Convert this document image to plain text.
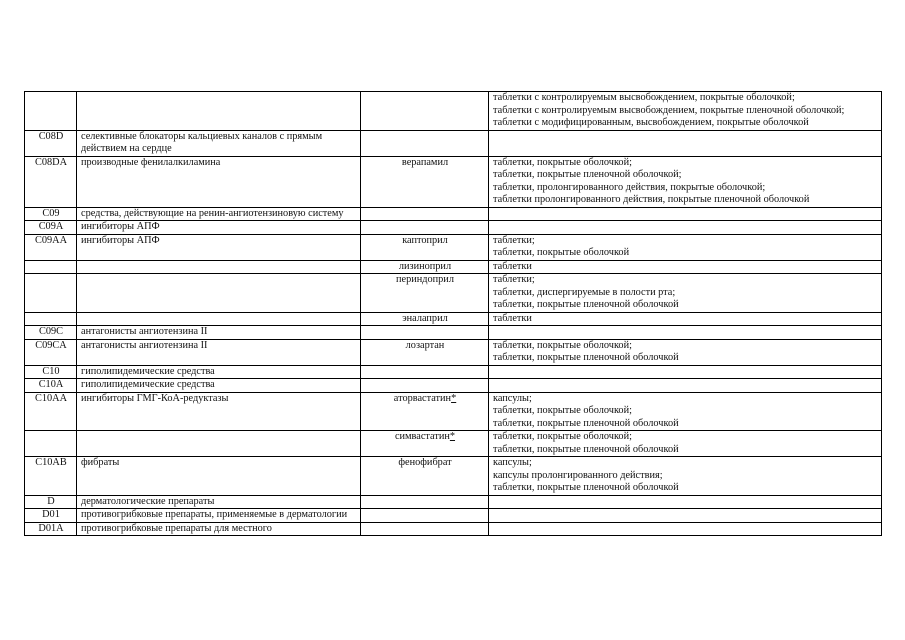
			таблетки с контролируемым высвобождением, покрытые оболочкой;
таблетки с контролируемым высвобождением, покрытые пленочной оболочкой;
таблетки с модифицированным, высвобождением, покрытые оболочкой

C08D	селективные блокаторы кальциевых каналов с прямым действием на сердце		
C08DA	производные фенилалкиламина	верапамил	таблетки, покрытые оболочкой;
таблетки, покрытые пленочной оболочкой;
таблетки, пролонгированного действия, покрытые оболочкой;
таблетки пролонгированного действия, покрытые пленочной оболочкой

C09	средства, действующие на ренин-ангиотензиновую систему		
C09A	ингибиторы АПФ		
C09AA	ингибиторы АПФ	каптоприл	таблетки;
таблетки, покрытые оболочкой

		лизиноприл	таблетки

		периндоприл	таблетки;
таблетки, диспергируемые в полости рта;
таблетки, покрытые пленочной оболочкой

		эналаприл	таблетки

C09C	антагонисты ангиотензина II		
C09CA	антагонисты ангиотензина II	лозартан	таблетки, покрытые оболочкой;
таблетки, покрытые пленочной оболочкой

C10	гиполипидемические средства		
C10A	гиполипидемические средства		
C10AA	ингибиторы ГМГ-КоА-редуктазы	аторвастатин*	капсулы;
таблетки, покрытые оболочкой;
таблетки, покрытые пленочной оболочкой

		симвастатин*	таблетки, покрытые оболочкой;
таблетки, покрытые пленочной оболочкой

C10AB	фибраты	фенофибрат	капсулы;
капсулы пролонгированного действия;
таблетки, покрытые пленочной оболочкой

D	дерматологические препараты		
D01	противогрибковые препараты, применяемые в дерматологии		
D01A	противогрибковые препараты для местного		
